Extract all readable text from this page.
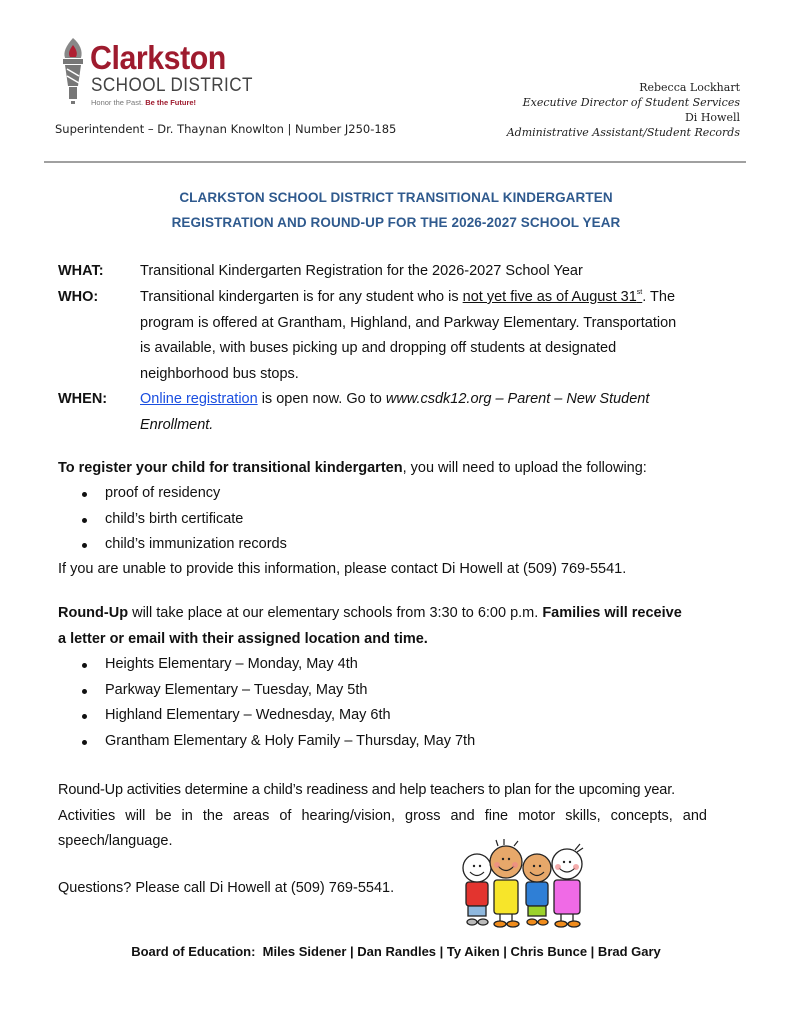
Clarkston
SCHOOL DISTRICT
Honor the Past. Be the Future!
Superintendent – Dr. Thaynan Knowlton | Number J250-185
Rebecca Lockhart
Executive Director of Student Services
Di Howell
Administrative Assistant/Student Records
CLARKSTON SCHOOL DISTRICT TRANSITIONAL KINDERGARTEN
REGISTRATION AND ROUND-UP FOR THE 2026-2027 SCHOOL YEAR
WHAT:	Transitional Kindergarten Registration for the 2026-2027 School Year
WHO:	Transitional kindergarten is for any student who is not yet five as of August 31st. The
program is offered at Grantham, Highland, and Parkway Elementary. Transportation
is available, with buses picking up and dropping off students at designated
neighborhood bus stops.
WHEN: Online registration is open now. Go to www.csdk12.org – Parent – New Student
Enrollment.
To register your child for transitional kindergarten, you will need to upload the following:
proof of residency
child’s birth certificate
child’s immunization records
If you are unable to provide this information, please contact Di Howell at (509) 769-5541.
Round-Up will take place at our elementary schools from 3:30 to 6:00 p.m. Families will receive
a letter or email with their assigned location and time.
Heights Elementary – Monday, May 4th
Parkway Elementary – Tuesday, May 5th
Highland Elementary – Wednesday, May 6th
Grantham Elementary & Holy Family – Thursday, May 7th
Round-Up activities determine a child’s readiness and help teachers to plan for the upcoming year.
Activities will be in the areas of hearing/vision, gross and fine motor skills, concepts, and
speech/language.
Questions? Please call Di Howell at (509) 769-5541.
Board of Education:  Miles Sidener | Dan Randles | Ty Aiken | Chris Bunce | Brad Gary
